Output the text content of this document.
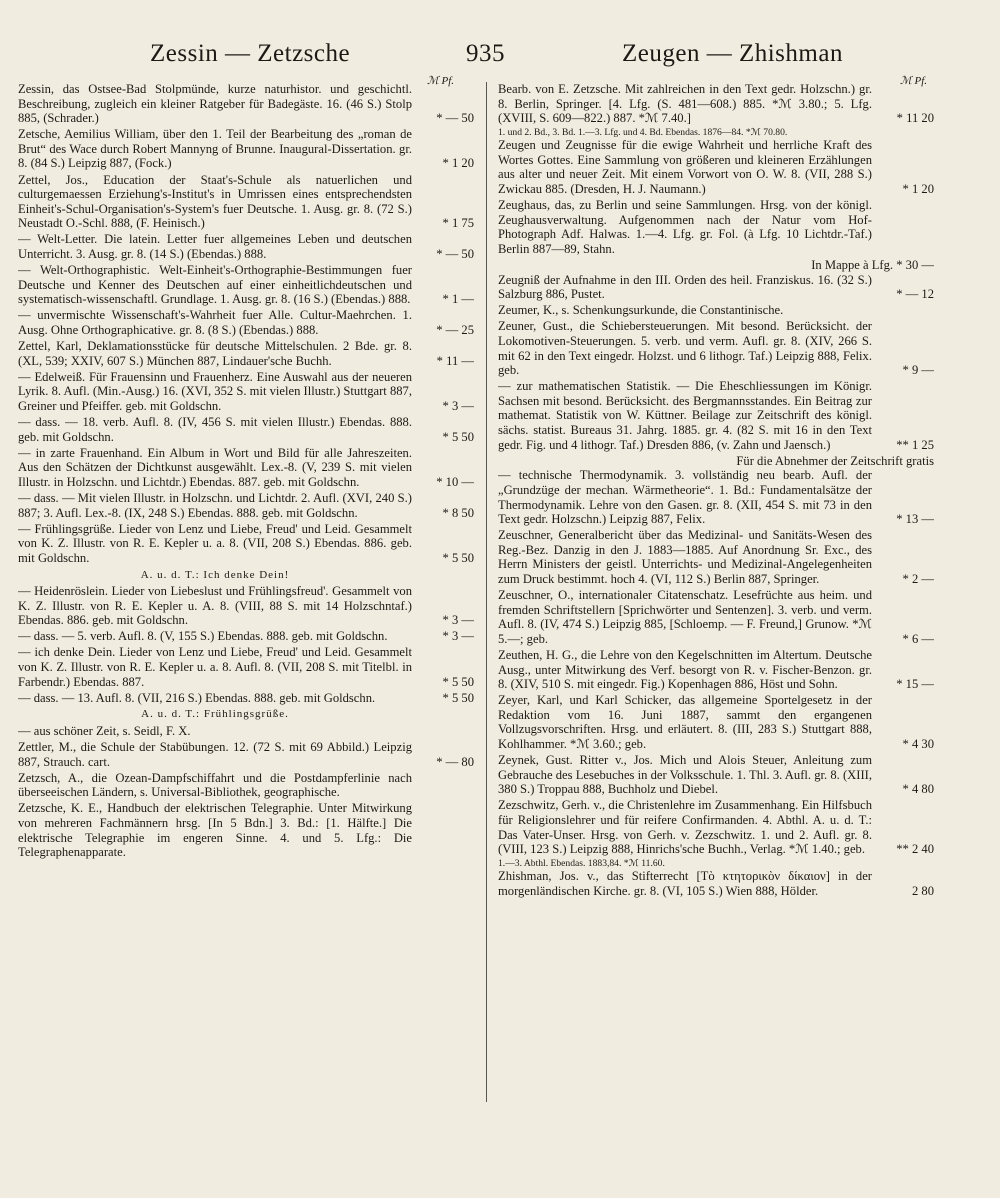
Zessin — Zetzsche	935	Zeugen — Zhishman
ℳ Pf.	ℳ Pf.
Zessin, das Ostsee-Bad Stolpmünde, kurze naturhistor. und geschichtl. Beschreibung, zugleich ein kleiner Ratgeber für Badegäste. 16. (46 S.) Stolp 885, (Schrader.)	* — 50
Zetsche, Aemilius William, über den 1. Teil der Bearbeitung des „roman de Brut“ des Wace durch Robert Mannyng of Brunne. Inaugural-Dissertation. gr. 8. (84 S.) Leipzig 887, (Fock.)	* 1 20
Zettel, Jos., Education der Staat's-Schule als natuerlichen und culturgemaessen Erziehung's-Institut's in Umrissen eines entsprechendsten Einheit's-Schul-Organisation's-System's fuer Deutsche. 1. Ausg. gr. 8. (72 S.) Neustadt O.-Schl. 888, (F. Heinisch.)	* 1 75
— Welt-Letter. Die latein. Letter fuer allgemeines Leben und deutschen Unterricht. 3. Ausg. gr. 8. (14 S.) (Ebendas.) 888.	* — 50
— Welt-Orthographistic. Welt-Einheit's-Orthographie-Bestimmungen fuer Deutsche und Kenner des Deutschen auf einer einheitlichdeutschen und systematisch-wissenschaftl. Grundlage. 1. Ausg. gr. 8. (16 S.) (Ebendas.) 888.	* 1 —
— unvermischte Wissenschaft's-Wahrheit fuer Alle. Cultur-Maehrchen. 1. Ausg. Ohne Orthographicative. gr. 8. (8 S.) (Ebendas.) 888.	* — 25
Zettel, Karl, Deklamationsstücke für deutsche Mittelschulen. 2 Bde. gr. 8. (XL, 539; XXIV, 607 S.) München 887, Lindauer'sche Buchh.	* 11 —
— Edelweiß. Für Frauensinn und Frauenherz. Eine Auswahl aus der neueren Lyrik. 8. Aufl. (Min.-Ausg.) 16. (XVI, 352 S. mit vielen Illustr.) Stuttgart 887, Greiner und Pfeiffer. geb. mit Goldschn.	* 3 —
— dass. — 18. verb. Aufl. 8. (IV, 456 S. mit vielen Illustr.) Ebendas. 888. geb. mit Goldschn.	* 5 50
— in zarte Frauenhand. Ein Album in Wort und Bild für alle Jahreszeiten. Aus den Schätzen der Dichtkunst ausgewählt. Lex.-8. (V, 239 S. mit vielen Illustr. in Holzschn. und Lichtdr.) Ebendas. 887. geb. mit Goldschn.	* 10 —
— dass. — Mit vielen Illustr. in Holzschn. und Lichtdr. 2. Aufl. (XVI, 240 S.) 887; 3. Aufl. Lex.-8. (IX, 248 S.) Ebendas. 888. geb. mit Goldschn.	* 8 50
— Frühlingsgrüße. Lieder von Lenz und Liebe, Freud' und Leid. Gesammelt von K. Z. Illustr. von R. E. Kepler u. a. 8. (VII, 208 S.) Ebendas. 886. geb. mit Goldschn.	* 5 50
A. u. d. T.: Ich denke Dein!
— Heidenröslein. Lieder von Liebeslust und Frühlingsfreud'. Gesammelt von K. Z. Illustr. von R. E. Kepler u. A. 8. (VIII, 88 S. mit 14 Holzschntaf.) Ebendas. 886. geb. mit Goldschn.	* 3 —
— dass. — 5. verb. Aufl. 8. (V, 155 S.) Ebendas. 888. geb. mit Goldschn.	* 3 —
— ich denke Dein. Lieder von Lenz und Liebe, Freud' und Leid. Gesammelt von K. Z. Illustr. von R. E. Kepler u. a. 8. Aufl. 8. (VII, 208 S. mit Titelbl. in Farbendr.) Ebendas. 887.	* 5 50
— dass. — 13. Aufl. 8. (VII, 216 S.) Ebendas. 888. geb. mit Goldschn.	* 5 50
A. u. d. T.: Frühlingsgrüße.
— aus schöner Zeit, s. Seidl, F. X.
Zettler, M., die Schule der Stabübungen. 12. (72 S. mit 69 Abbild.) Leipzig 887, Strauch. cart.	* — 80
Zetzsch, A., die Ozean-Dampfschiffahrt und die Postdampferlinie nach überseeischen Ländern, s. Universal-Bibliothek, geographische.
Zetzsche, K. E., Handbuch der elektrischen Telegraphie. Unter Mitwirkung von mehreren Fachmännern hrsg. [In 5 Bdn.] 3. Bd.: [1. Hälfte.] Die elektrische Telegraphie im engeren Sinne. 4. und 5. Lfg.: Die Telegraphenapparate.
Bearb. von E. Zetzsche. Mit zahlreichen in den Text gedr. Holzschn.) gr. 8. Berlin, Springer. [4. Lfg. (S. 481—608.) 885. *ℳ 3.80.; 5. Lfg. (XVIII, S. 609—822.) 887. *ℳ 7.40.]	* 11 20
1. und 2. Bd., 3. Bd. 1.—3. Lfg. und 4. Bd. Ebendas. 1876—84. *ℳ 70.80.
Zeugen und Zeugnisse für die ewige Wahrheit und herrliche Kraft des Wortes Gottes. Eine Sammlung von größeren und kleineren Erzählungen aus alter und neuer Zeit. Mit einem Vorwort von O. W. 8. (VII, 288 S.) Zwickau 885. (Dresden, H. J. Naumann.)	* 1 20
Zeughaus, das, zu Berlin und seine Sammlungen. Hrsg. von der königl. Zeughausverwaltung. Aufgenommen nach der Natur vom Hof-Photograph Adf. Halwas. 1.—4. Lfg. gr. Fol. (à Lfg. 10 Lichtdr.-Taf.) Berlin 887—89, Stahn.
In Mappe à Lfg. * 30 —
Zeugniß der Aufnahme in den III. Orden des heil. Franziskus. 16. (32 S.) Salzburg 886, Pustet.	* — 12
Zeumer, K., s. Schenkungsurkunde, die Constantinische.
Zeuner, Gust., die Schiebersteuerungen. Mit besond. Berücksicht. der Lokomotiven-Steuerungen. 5. verb. und verm. Aufl. gr. 8. (XIV, 266 S. mit 62 in den Text eingedr. Holzst. und 6 lithogr. Taf.) Leipzig 888, Felix. geb.	* 9 —
— zur mathematischen Statistik. — Die Eheschliessungen im Königr. Sachsen mit besond. Berücksicht. des Bergmannsstandes. Ein Beitrag zur mathemat. Statistik von W. Küttner. Beilage zur Zeitschrift des königl. sächs. statist. Bureaus 31. Jahrg. 1885. gr. 4. (82 S. mit 16 in den Text gedr. Fig. und 4 lithogr. Taf.) Dresden 886, (v. Zahn und Jaensch.)	** 1 25
Für die Abnehmer der Zeitschrift gratis
— technische Thermodynamik. 3. vollständig neu bearb. Aufl. der „Grundzüge der mechan. Wärmetheorie“. 1. Bd.: Fundamentalsätze der Thermodynamik. Lehre von den Gasen. gr. 8. (XII, 454 S. mit 73 in den Text gedr. Holzschn.) Leipzig 887, Felix.	* 13 —
Zeuschner, Generalbericht über das Medizinal- und Sanitäts-Wesen des Reg.-Bez. Danzig in den J. 1883—1885. Auf Anordnung Sr. Exc., des Herrn Ministers der geistl. Unterrichts- und Medizinal-Angelegenheiten zum Druck bestimmt. hoch 4. (VI, 112 S.) Berlin 887, Springer.	* 2 —
Zeuschner, O., internationaler Citatenschatz. Lesefrüchte aus heim. und fremden Schriftstellern [Sprichwörter und Sentenzen]. 3. verb. und verm. Aufl. 8. (IV, 474 S.) Leipzig 885, [Schloemp. — F. Freund,] Grunow. *ℳ 5.—; geb.	* 6 —
Zeuthen, H. G., die Lehre von den Kegelschnitten im Altertum. Deutsche Ausg., unter Mitwirkung des Verf. besorgt von R. v. Fischer-Benzon. gr. 8. (XIV, 510 S. mit eingedr. Fig.) Kopenhagen 886, Höst und Sohn.	* 15 —
Zeyer, Karl, und Karl Schicker, das allgemeine Sportelgesetz in der Redaktion vom 16. Juni 1887, sammt den ergangenen Vollzugsvorschriften. Hrsg. und erläutert. 8. (III, 283 S.) Stuttgart 888, Kohlhammer. *ℳ 3.60.; geb.	* 4 30
Zeynek, Gust. Ritter v., Jos. Mich und Alois Steuer, Anleitung zum Gebrauche des Lesebuches in der Volksschule. 1. Thl. 3. Aufl. gr. 8. (XIII, 380 S.) Troppau 888, Buchholz und Diebel.	* 4 80
Zezschwitz, Gerh. v., die Christenlehre im Zusammenhang. Ein Hilfsbuch für Religionslehrer und für reifere Confirmanden. 4. Abthl. A. u. d. T.: Das Vater-Unser. Hrsg. von Gerh. v. Zezschwitz. 1. und 2. Aufl. gr. 8. (VIII, 123 S.) Leipzig 888, Hinrichs'sche Buchh., Verlag. *ℳ 1.40.; geb.	** 2 40
1.—3. Abthl. Ebendas. 1883,84. *ℳ 11.60.
Zhishman, Jos. v., das Stifterrecht [Τὸ κτητορικὸν δίκαιον] in der morgenländischen Kirche. gr. 8. (VI, 105 S.) Wien 888, Hölder.	2 80
